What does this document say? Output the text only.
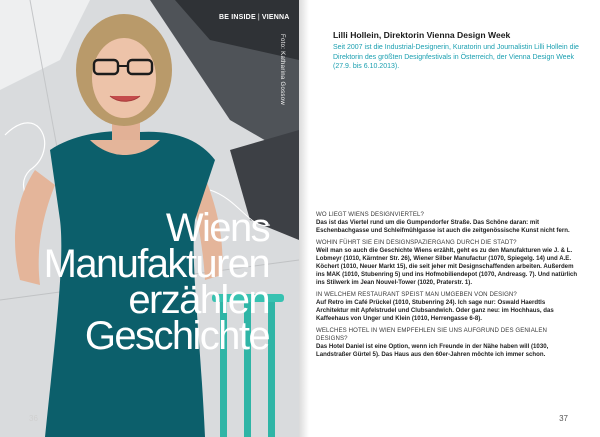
BE INSIDE | VIENNA
Foto: Katharina Gossow
Wiens
Manufakturen
erzählen
Geschichte
36
Lilli Hollein, Direktorin Vienna Design Week
Seit 2007 ist die Industrial-Designerin, Kuratorin und Journalistin Lilli Hollein die Direktorin des größten Designfestivals in Österreich, der Vienna Design Week (27.9. bis 6.10.2013).
WO LIEGT WIENS DESIGNVIERTEL?
Das ist das Viertel rund um die Gumpendorfer Straße. Das Schöne daran: mit Eschenbachgasse und Schleifmühlgasse ist auch die zeitgenössische Kunst nicht fern.
WOHIN FÜHRT SIE EIN DESIGNSPAZIERGANG DURCH DIE STADT?
Weil man so auch die Geschichte Wiens erzählt, geht es zu den Manufakturen wie J. & L. Lobmeyr (1010, Kärntner Str. 26), Wiener Silber Manufactur (1070, Spiegelg. 14) und A.E. Köchert (1010, Neuer Markt 15), die seit jeher mit Designschaffenden arbeiten. Außerdem ins MAK (1010, Stubenring 5) und ins Hofmobiliendepot (1070, Andreasg. 7). Und natürlich ins Stilwerk im Jean Nouvel-Tower (1020, Praterstr. 1).
IN WELCHEM RESTAURANT SPEIST MAN UMGEBEN VON DESIGN?
Auf Retro im Café Prückel (1010, Stubenring 24). Ich sage nur: Oswald Haerdtls Architektur mit Apfelstrudel und Clubsandwich. Oder ganz neu: im Hochhaus, das Kaffeehaus von Unger und Klein (1010, Herrengasse 6-8).
WELCHES HOTEL IN WIEN EMPFEHLEN SIE UNS AUFGRUND DES GENIALEN DESIGNS?
Das Hotel Daniel ist eine Option, wenn ich Freunde in der Nähe haben will (1030, Landstraßer Gürtel 5). Das Haus aus den 60er-Jahren möchte ich immer schon.
37
